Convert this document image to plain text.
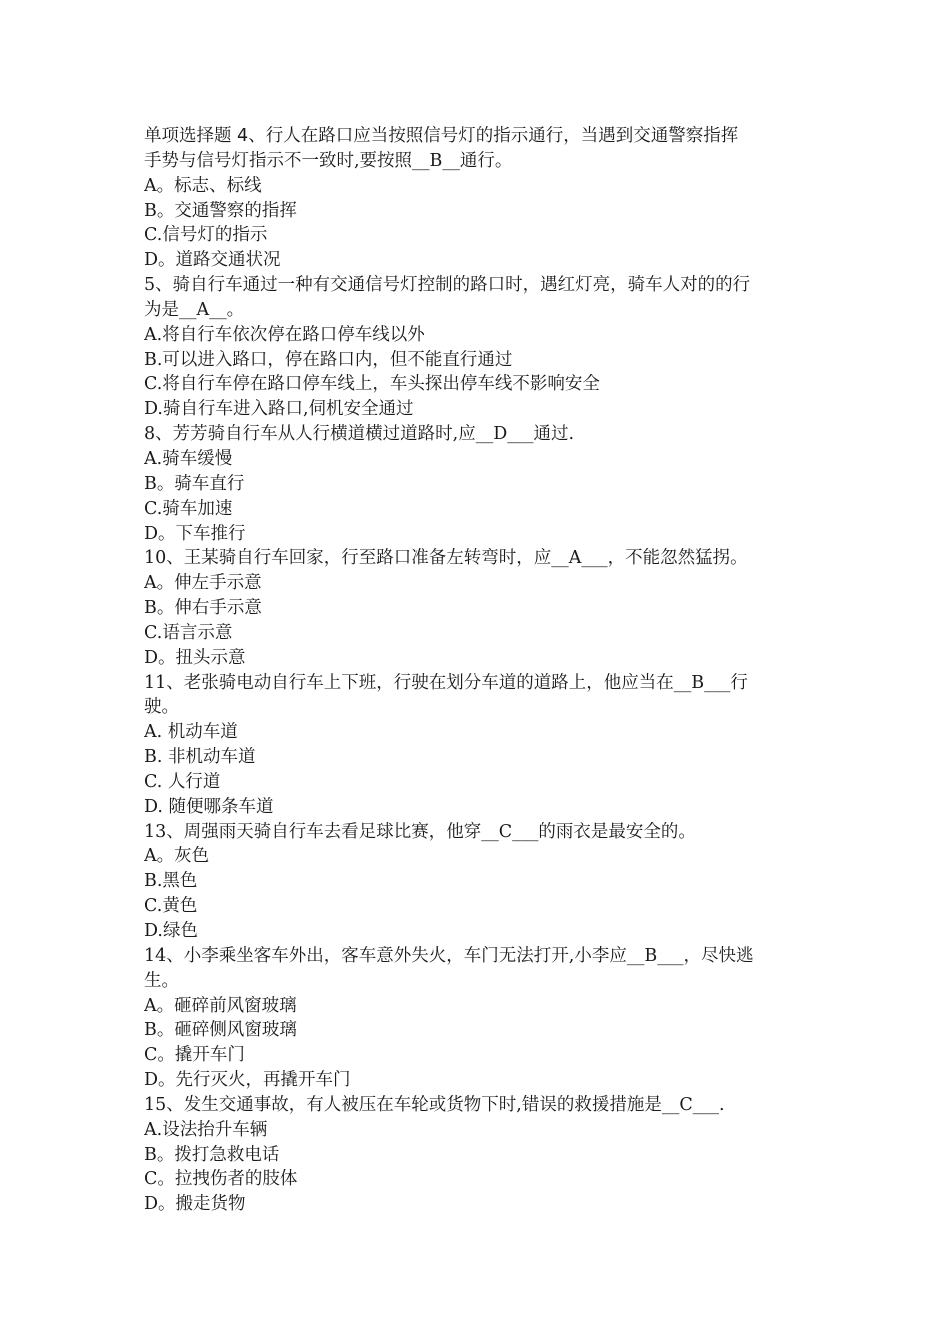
单项选择题 4、行人在路口应当按照信号灯的指示通行，当遇到交通警察指挥
手势与信号灯指示不一致时,要按照__B__通行。
A。标志、标线
B。交通警察的指挥
C.信号灯的指示
D。道路交通状况
5、骑自行车通过一种有交通信号灯控制的路口时，遇红灯亮，骑车人对的的行
为是__A__。
A.将自行车依次停在路口停车线以外
B.可以进入路口，停在路口内，但不能直行通过
C.将自行车停在路口停车线上，车头探出停车线不影响安全
D.骑自行车进入路口,伺机安全通过
8、芳芳骑自行车从人行横道横过道路时,应__D___通过.
A.骑车缓慢
B。骑车直行
C.骑车加速
D。下车推行
10、王某骑自行车回家，行至路口准备左转弯时，应__A___，不能忽然猛拐。
A。伸左手示意
B。伸右手示意
C.语言示意
D。扭头示意
11、老张骑电动自行车上下班，行驶在划分车道的道路上，他应当在__B___行
驶。
A. 机动车道
B. 非机动车道
C. 人行道
D. 随便哪条车道
13、周强雨天骑自行车去看足球比赛，他穿__C___的雨衣是最安全的。
A。灰色
B.黑色
C.黄色
D.绿色
14、小李乘坐客车外出，客车意外失火，车门无法打开,小李应__B___，尽快逃
生。
A。砸碎前风窗玻璃
B。砸碎侧风窗玻璃
C。撬开车门
D。先行灭火，再撬开车门
15、发生交通事故，有人被压在车轮或货物下时,错误的救援措施是__C___.
A.设法抬升车辆
B。拨打急救电话
C。拉拽伤者的肢体
D。搬走货物
